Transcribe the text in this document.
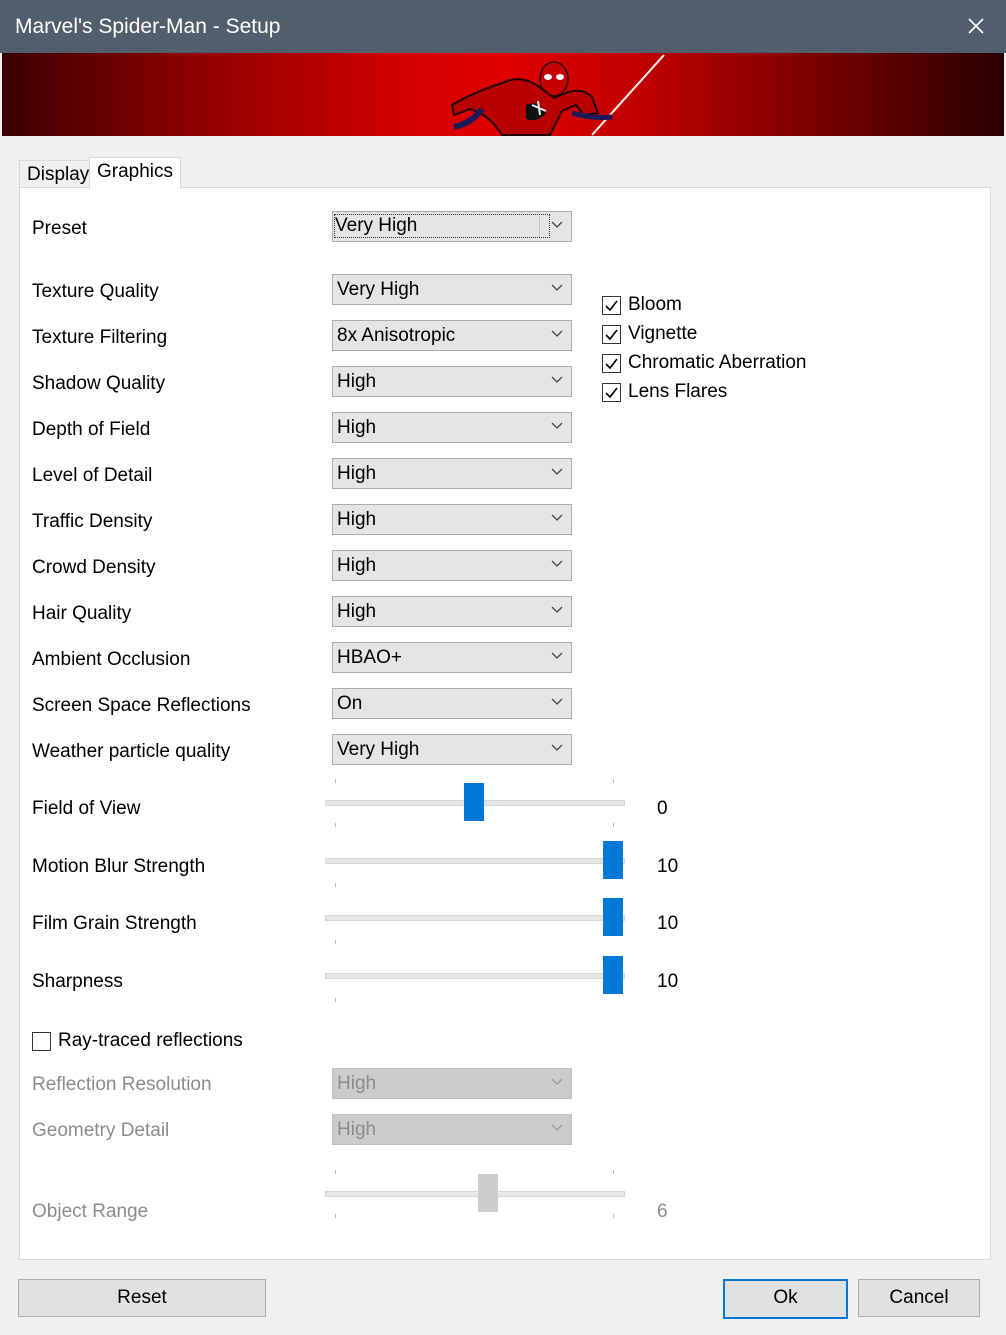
Marvel's Spider-Man - Setup
Display Graphics
Preset	Very High
Texture Quality	Very High
Texture Filtering	8x Anisotropic
Shadow Quality	High
Depth of Field	High
Level of Detail	High
Traffic Density	High
Crowd Density	High
Hair Quality	High
Ambient Occlusion	HBAO+
Screen Space Reflections	On
Weather particle quality	Very High
Bloom
Vignette
Chromatic Aberration
Lens Flares
Field of View	0
Motion Blur Strength	10
Film Grain Strength	10
Sharpness	10
Ray-traced reflections
Reflection Resolution	High
Geometry Detail	High
Object Range	6
Reset	Ok	Cancel
